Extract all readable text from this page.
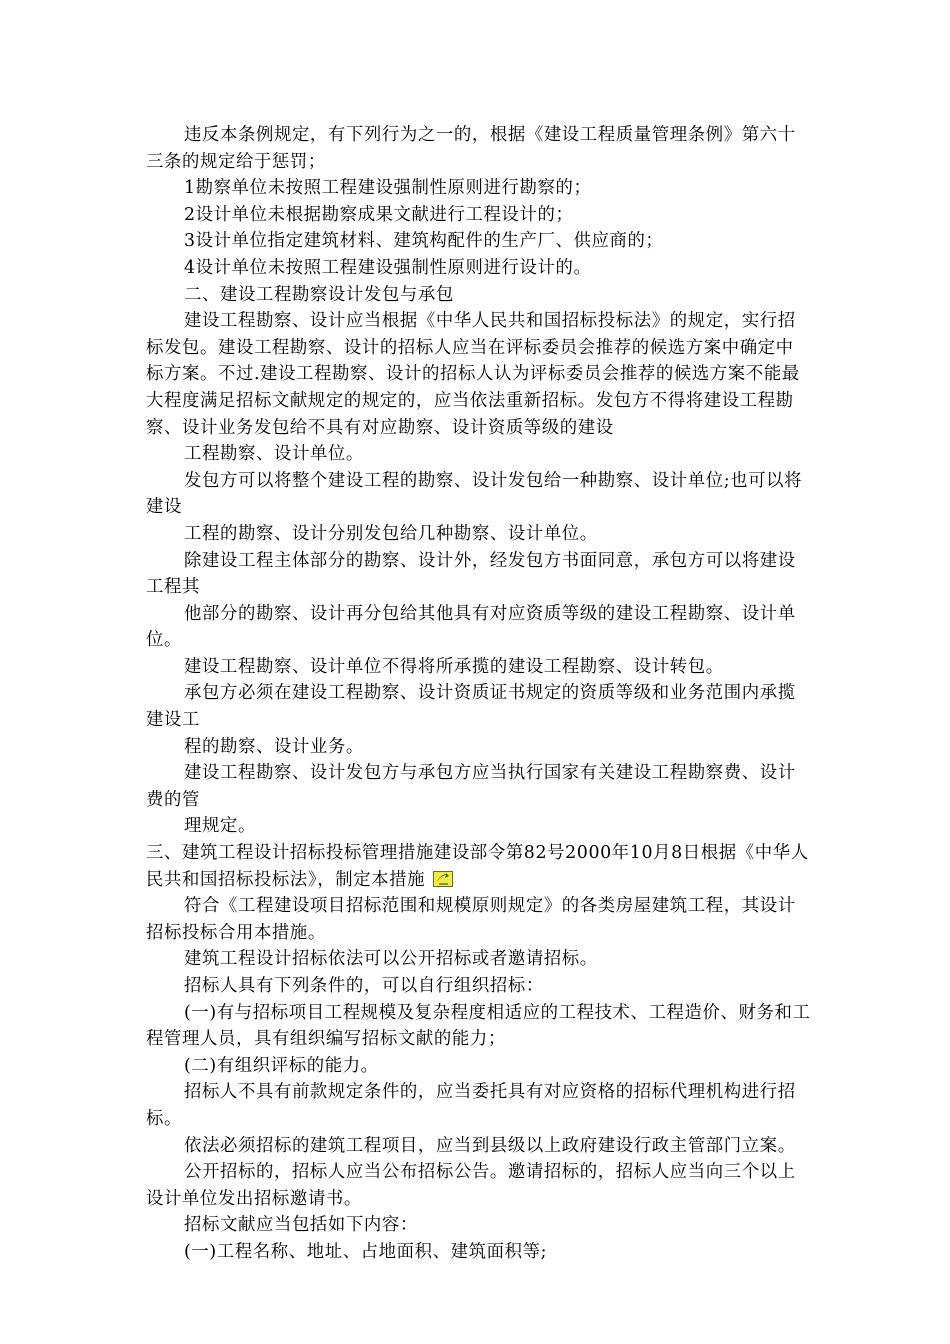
违反本条例规定，有下列行为之一的，根据《建设工程质量管理条例》第六十三条的规定给于惩罚；

1勘察单位未按照工程建设强制性原则进行勘察的；

2设计单位未根据勘察成果文献进行工程设计的；

3设计单位指定建筑材料、建筑构配件的生产厂、供应商的；

4设计单位未按照工程建设强制性原则进行设计的。

二、建设工程勘察设计发包与承包

建设工程勘察、设计应当根据《中华人民共和国招标投标法》的规定，实行招标发包。建设工程勘察、设计的招标人应当在评标委员会推荐的候选方案中确定中标方案。不过.建设工程勘察、设计的招标人认为评标委员会推荐的候选方案不能最大程度满足招标文献规定的规定的，应当依法重新招标。发包方不得将建设工程勘察、设计业务发包给不具有对应勘察、设计资质等级的建设

工程勘察、设计单位。

发包方可以将整个建设工程的勘察、设计发包给一种勘察、设计单位;也可以将建设

工程的勘察、设计分别发包给几种勘察、设计单位。

除建设工程主体部分的勘察、设计外，经发包方书面同意，承包方可以将建设工程其

他部分的勘察、设计再分包给其他具有对应资质等级的建设工程勘察、设计单位。

建设工程勘察、设计单位不得将所承揽的建设工程勘察、设计转包。

承包方必须在建设工程勘察、设计资质证书规定的资质等级和业务范围内承揽建设工

程的勘察、设计业务。

建设工程勘察、设计发包方与承包方应当执行国家有关建设工程勘察费、设计费的管

理规定。

三、建筑工程设计招标投标管理措施建设部令第82号2000年10月8日根据《中华人民共和国招标投标法》，制定本措施

符合《工程建设项目招标范围和规模原则规定》的各类房屋建筑工程，其设计招标投标合用本措施。

建筑工程设计招标依法可以公开招标或者邀请招标。

招标人具有下列条件的，可以自行组织招标：

(一)有与招标项目工程规模及复杂程度相适应的工程技术、工程造价、财务和工程管理人员，具有组织编写招标文献的能力；

(二)有组织评标的能力。

招标人不具有前款规定条件的，应当委托具有对应资格的招标代理机构进行招标。

依法必须招标的建筑工程项目，应当到县级以上政府建设行政主管部门立案。

公开招标的，招标人应当公布招标公告。邀请招标的，招标人应当向三个以上设计单位发出招标邀请书。

招标文献应当包括如下内容：

(一)工程名称、地址、占地面积、建筑面积等;
